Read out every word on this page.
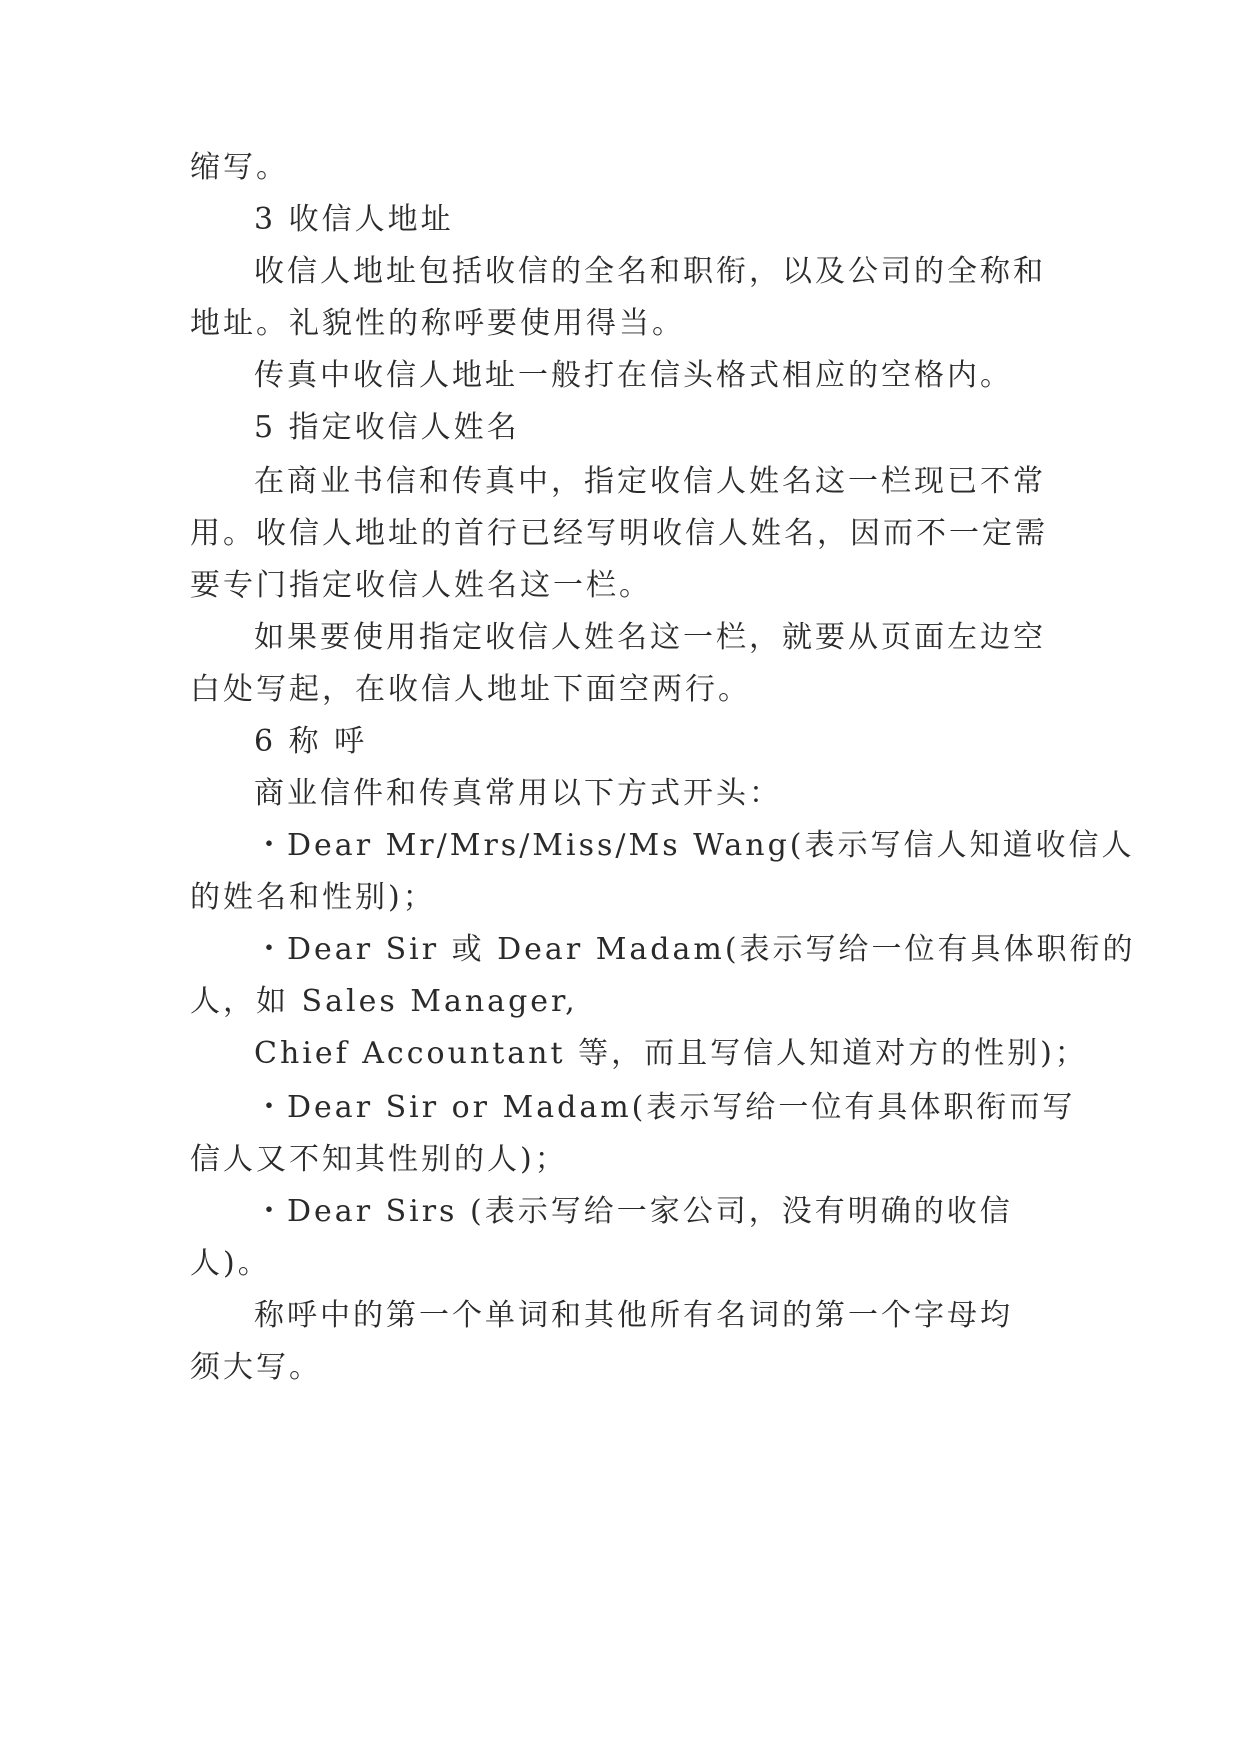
缩写。
3 收信人地址
收信人地址包括收信的全名和职衔，以及公司的全称和
地址。礼貌性的称呼要使用得当。
传真中收信人地址一般打在信头格式相应的空格内。
5 指定收信人姓名
在商业书信和传真中，指定收信人姓名这一栏现已不常
用。收信人地址的首行已经写明收信人姓名，因而不一定需
要专门指定收信人姓名这一栏。
如果要使用指定收信人姓名这一栏，就要从页面左边空
白处写起，在收信人地址下面空两行。
6 称 呼
商业信件和传真常用以下方式开头：
・Dear Mr/Mrs/Miss/Ms Wang(表示写信人知道收信人
的姓名和性别)；
・Dear Sir 或 Dear Madam(表示写给一位有具体职衔的
人，如 Sales Manager,
Chief Accountant 等，而且写信人知道对方的性别)；
・Dear Sir or Madam(表示写给一位有具体职衔而写
信人又不知其性别的人)；
・Dear Sirs (表示写给一家公司，没有明确的收信
人)。
称呼中的第一个单词和其他所有名词的第一个字母均
须大写。
